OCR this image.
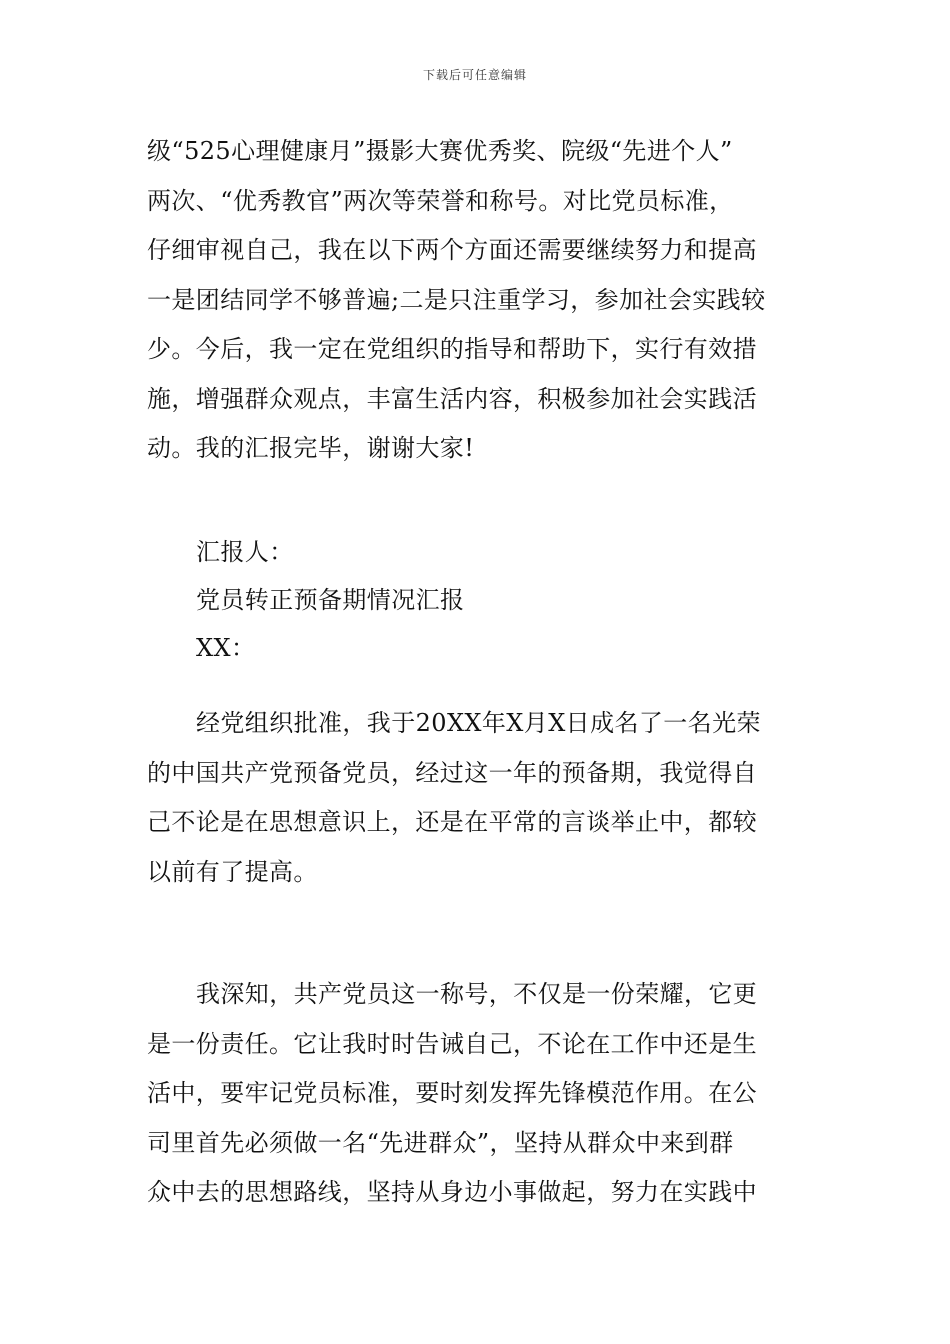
下载后可任意编辑
级“525心理健康月”摄影大赛优秀奖、院级“先进个人”
两次、“优秀教官”两次等荣誉和称号。对比党员标准，
仔细审视自己，我在以下两个方面还需要继续努力和提高
一是团结同学不够普遍;二是只注重学习，参加社会实践较
少。今后，我一定在党组织的指导和帮助下，实行有效措
施，增强群众观点，丰富生活内容，积极参加社会实践活
动。我的汇报完毕，谢谢大家!
汇报人：
党员转正预备期情况汇报
XX：
经党组织批准，我于20XX年X月X日成名了一名光荣
的中国共产党预备党员，经过这一年的预备期，我觉得自
己不论是在思想意识上，还是在平常的言谈举止中，都较
以前有了提高。
我深知，共产党员这一称号，不仅是一份荣耀，它更
是一份责任。它让我时时告诫自己，不论在工作中还是生
活中，要牢记党员标准，要时刻发挥先锋模范作用。在公
司里首先必须做一名“先进群众”，坚持从群众中来到群
众中去的思想路线，坚持从身边小事做起，努力在实践中
